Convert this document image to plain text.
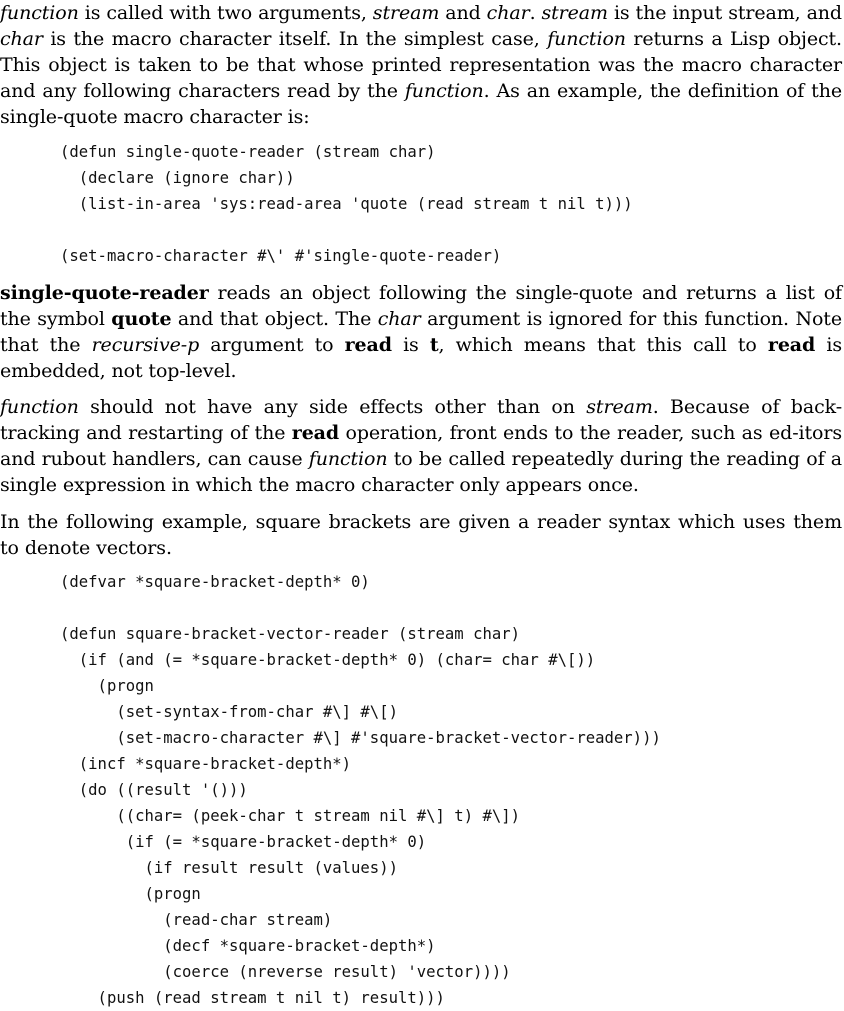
function is called with two arguments, stream and char. stream is the input stream, and char is the macro character itself. In the simplest case, function returns a Lisp object. This object is taken to be that whose printed representation was the macro character and any following characters read by the function. As an example, the definition of the single-quote macro character is:

(defun single-quote-reader (stream char)
(declare (ignore char))
(list-in-area 'sys:read-area 'quote (read stream t nil t)))

(set-macro-character #\' #'single-quote-reader)

single-quote-reader reads an object following the single-quote and returns a list of the symbol quote and that object. The char argument is ignored for this function. Note that the recursive-p argument to read is t, which means that this call to read is embedded, not top-level.

function should not have any side effects other than on stream. Because of back-tracking and restarting of the read operation, front ends to the reader, such as ed-itors and rubout handlers, can cause function to be called repeatedly during the reading of a single expression in which the macro character only appears once.

In the following example, square brackets are given a reader syntax which uses them to denote vectors.

(defvar *square-bracket-depth* 0)

(defun square-bracket-vector-reader (stream char)
(if (and (= *square-bracket-depth* 0) (char= char #\[))
(progn
(set-syntax-from-char #\] #\[)
(set-macro-character #\] #'square-bracket-vector-reader)))
(incf *square-bracket-depth*)
(do ((result '()))
((char= (peek-char t stream nil #\] t) #\])
(if (= *square-bracket-depth* 0)
(if result result (values))
(progn
(read-char stream)
(decf *square-bracket-depth*)
(coerce (nreverse result) 'vector))))
(push (read stream t nil t) result)))
